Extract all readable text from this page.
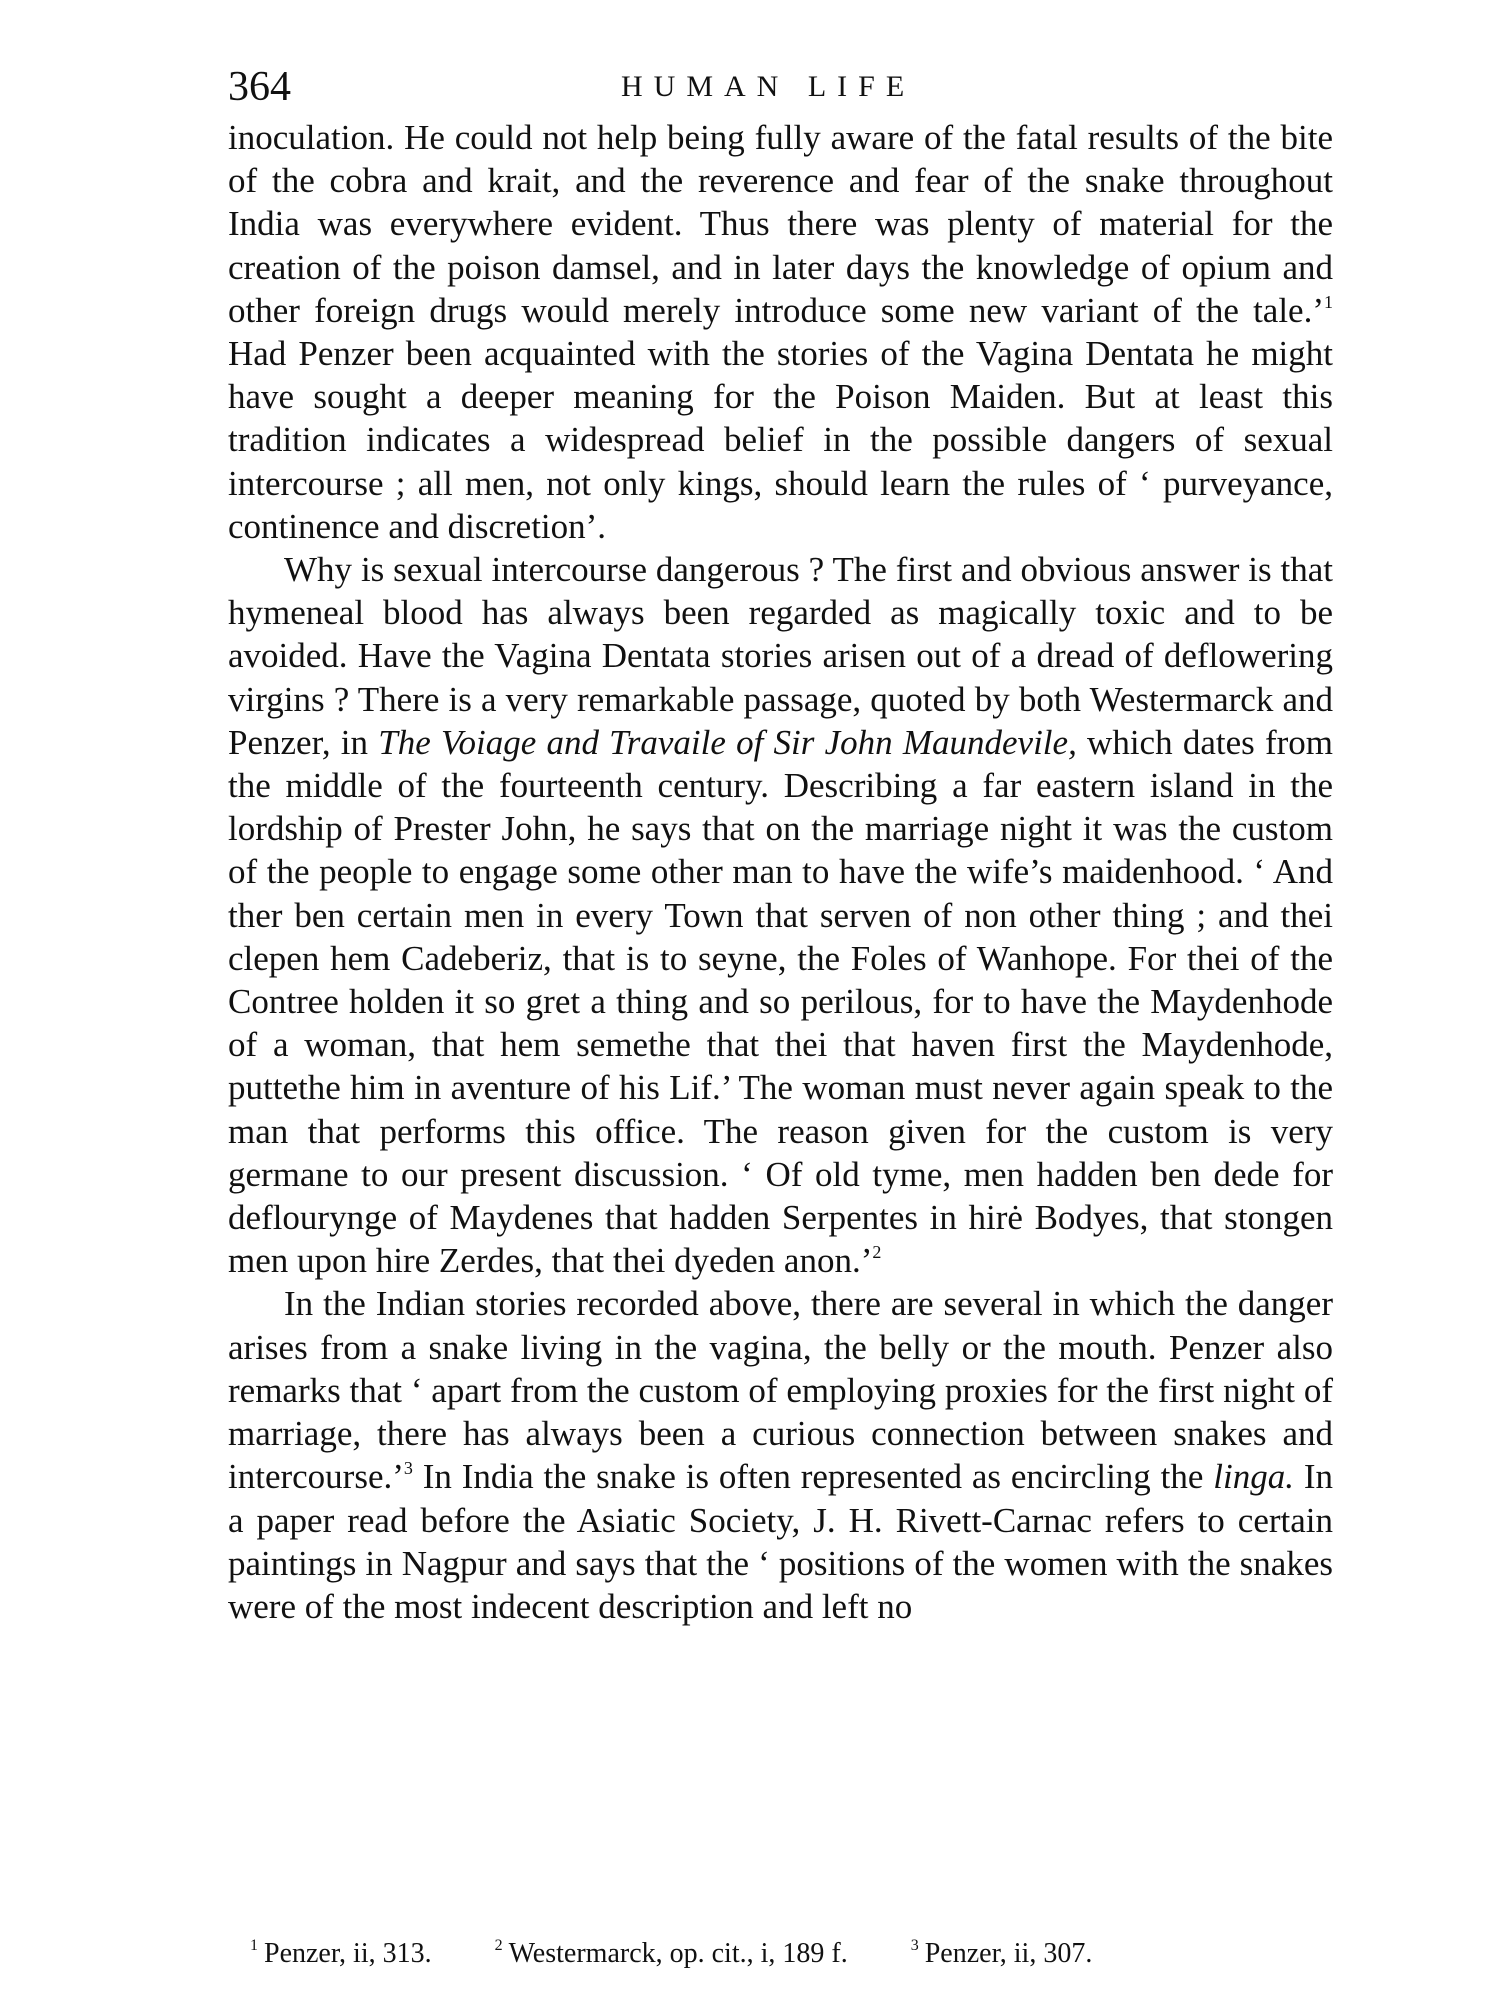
364	HUMAN LIFE

inoculation. He could not help being fully aware of the fatal results of the bite of the cobra and krait, and the reverence and fear of the snake throughout India was everywhere evident. Thus there was plenty of material for the creation of the poison damsel, and in later days the knowledge of opium and other foreign drugs would merely introduce some new variant of the tale.’$^1$ Had Penzer been acquainted with the stories of the Vagina Dentata he might have sought a deeper meaning for the Poison Maiden. But at least this tradition indicates a widespread belief in the possible dangers of sexual intercourse ; all men, not only kings, should learn the rules of ‘ purveyance, continence and discretion’.

Why is sexual intercourse dangerous ? The first and obvious answer is that hymeneal blood has always been regarded as magically toxic and to be avoided. Have the Vagina Dentata stories arisen out of a dread of deflowering virgins ? There is a very remarkable passage, quoted by both Westermarck and Penzer, in The Voiage and Travaile of Sir John Maundevile, which dates from the middle of the fourteenth century. Describing a far eastern island in the lordship of Prester John, he says that on the marriage night it was the custom of the people to engage some other man to have the wife’s maidenhood. ‘ And ther ben certain men in every Town that serven of non other thing ; and thei clepen hem Cadeberiz, that is to seyne, the Foles of Wanhope. For thei of the Contree holden it so gret a thing and so perilous, for to have the Maydenhode of a woman, that hem semethe that thei that haven first the Maydenhode, puttethe him in aventure of his Lif.’ The woman must never again speak to the man that performs this office. The reason given for the custom is very germane to our present discussion. ‘ Of old tyme, men hadden ben dede for deflourynge of Maydenes that hadden Serpentes in hirė Bodyes, that stongen men upon hire Zerdes, that thei dyeden anon.’$^2$

In the Indian stories recorded above, there are several in which the danger arises from a snake living in the vagina, the belly or the mouth. Penzer also remarks that ‘ apart from the custom of employing proxies for the first night of marriage, there has always been a curious connection between snakes and intercourse.’$^3$ In India the snake is often represented as encircling the linga. In a paper read before the Asiatic Society, J. H. Rivett-Carnac refers to certain paintings in Nagpur and says that the ‘ positions of the women with the snakes were of the most indecent description and left no

$^1$ Penzer, ii, 313.	$^2$ Westermarck, op. cit., i, 189 f.	$^3$ Penzer, ii, 307.
